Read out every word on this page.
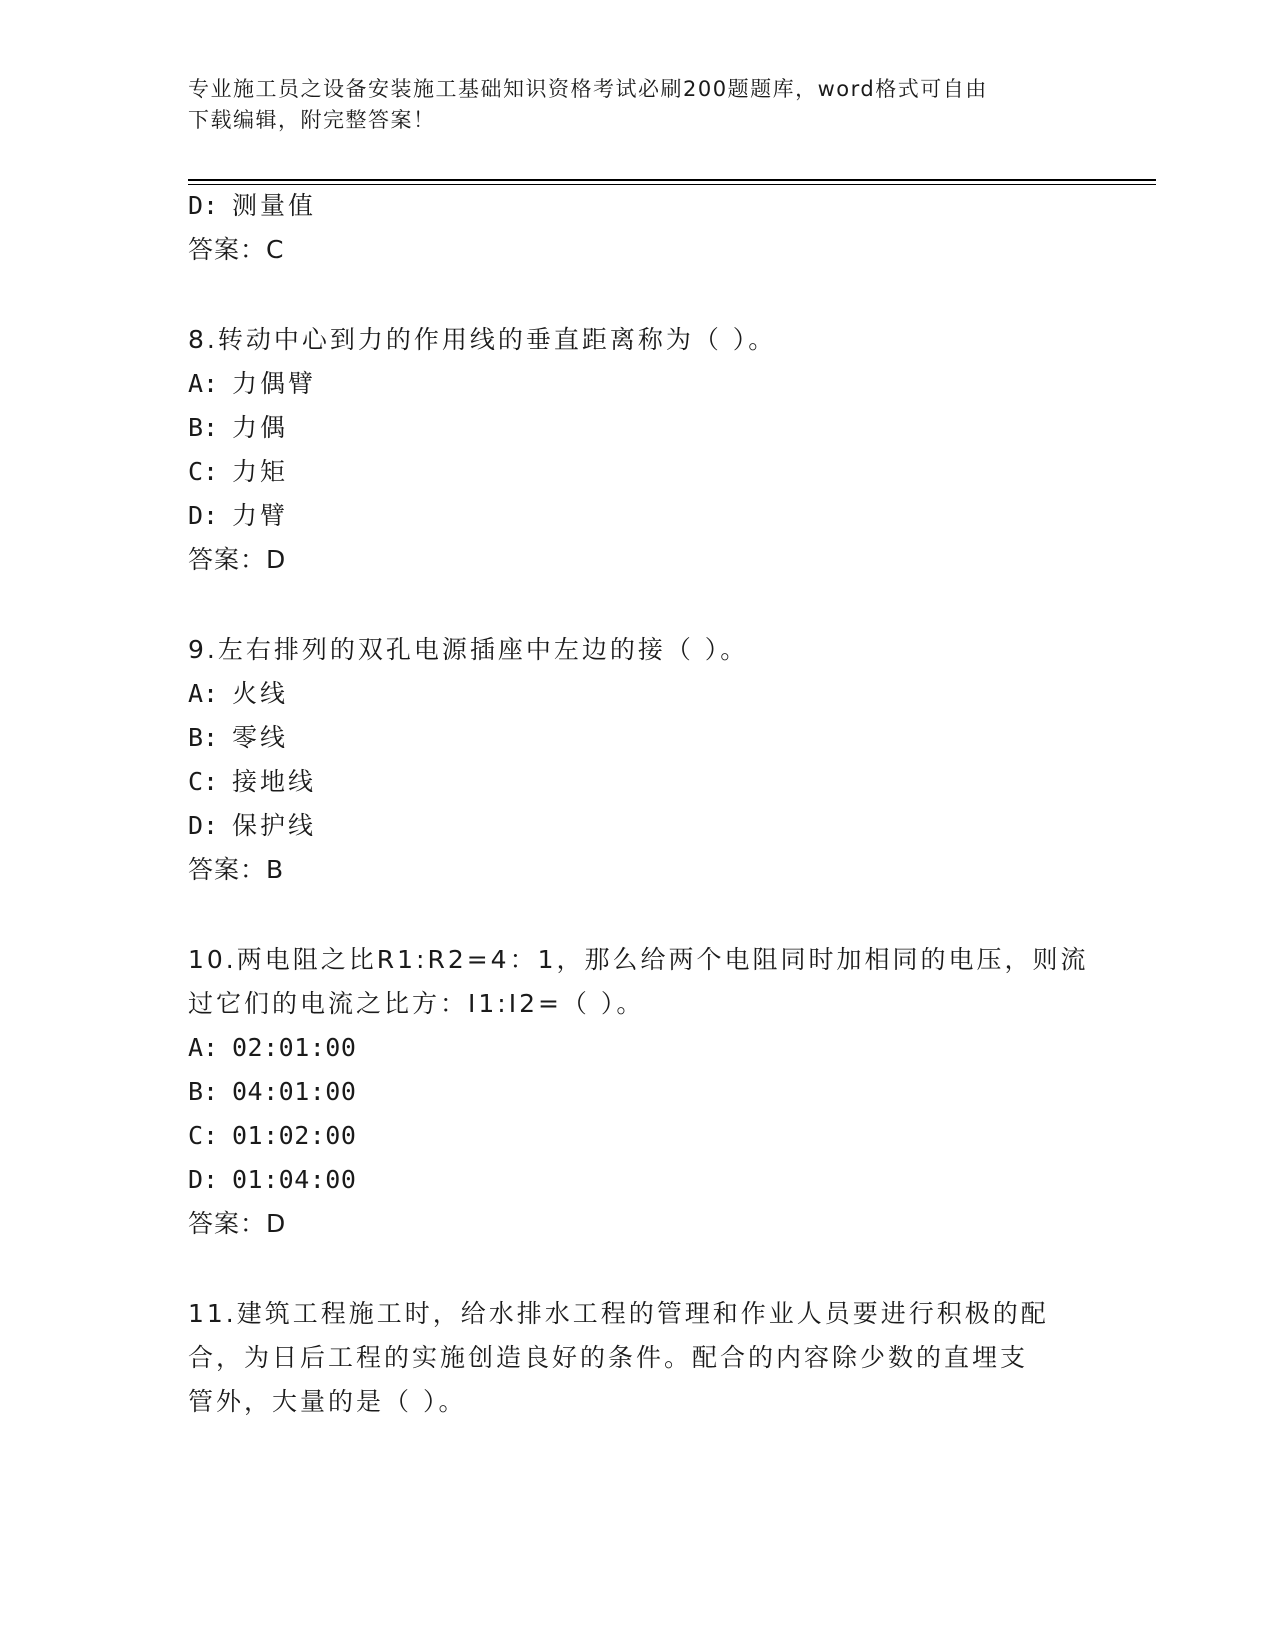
专业施工员之设备安装施工基础知识资格考试必刷200题题库，word格式可自由
下载编辑，附完整答案！
D: 测量值
答案：C
8.转动中心到力的作用线的垂直距离称为（ ）。
A: 力偶臂
B: 力偶
C: 力矩
D: 力臂
答案：D
9.左右排列的双孔电源插座中左边的接（ ）。
A: 火线
B: 零线
C: 接地线
D: 保护线
答案：B
10.两电阻之比R1:R2=4：1，那么给两个电阻同时加相同的电压，则流
过它们的电流之比方：I1:I2=（ ）。
A: 02:01:00
B: 04:01:00
C: 01:02:00
D: 01:04:00
答案：D
11.建筑工程施工时，给水排水工程的管理和作业人员要进行积极的配
合，为日后工程的实施创造良好的条件。配合的内容除少数的直埋支
管外，大量的是（ ）。
